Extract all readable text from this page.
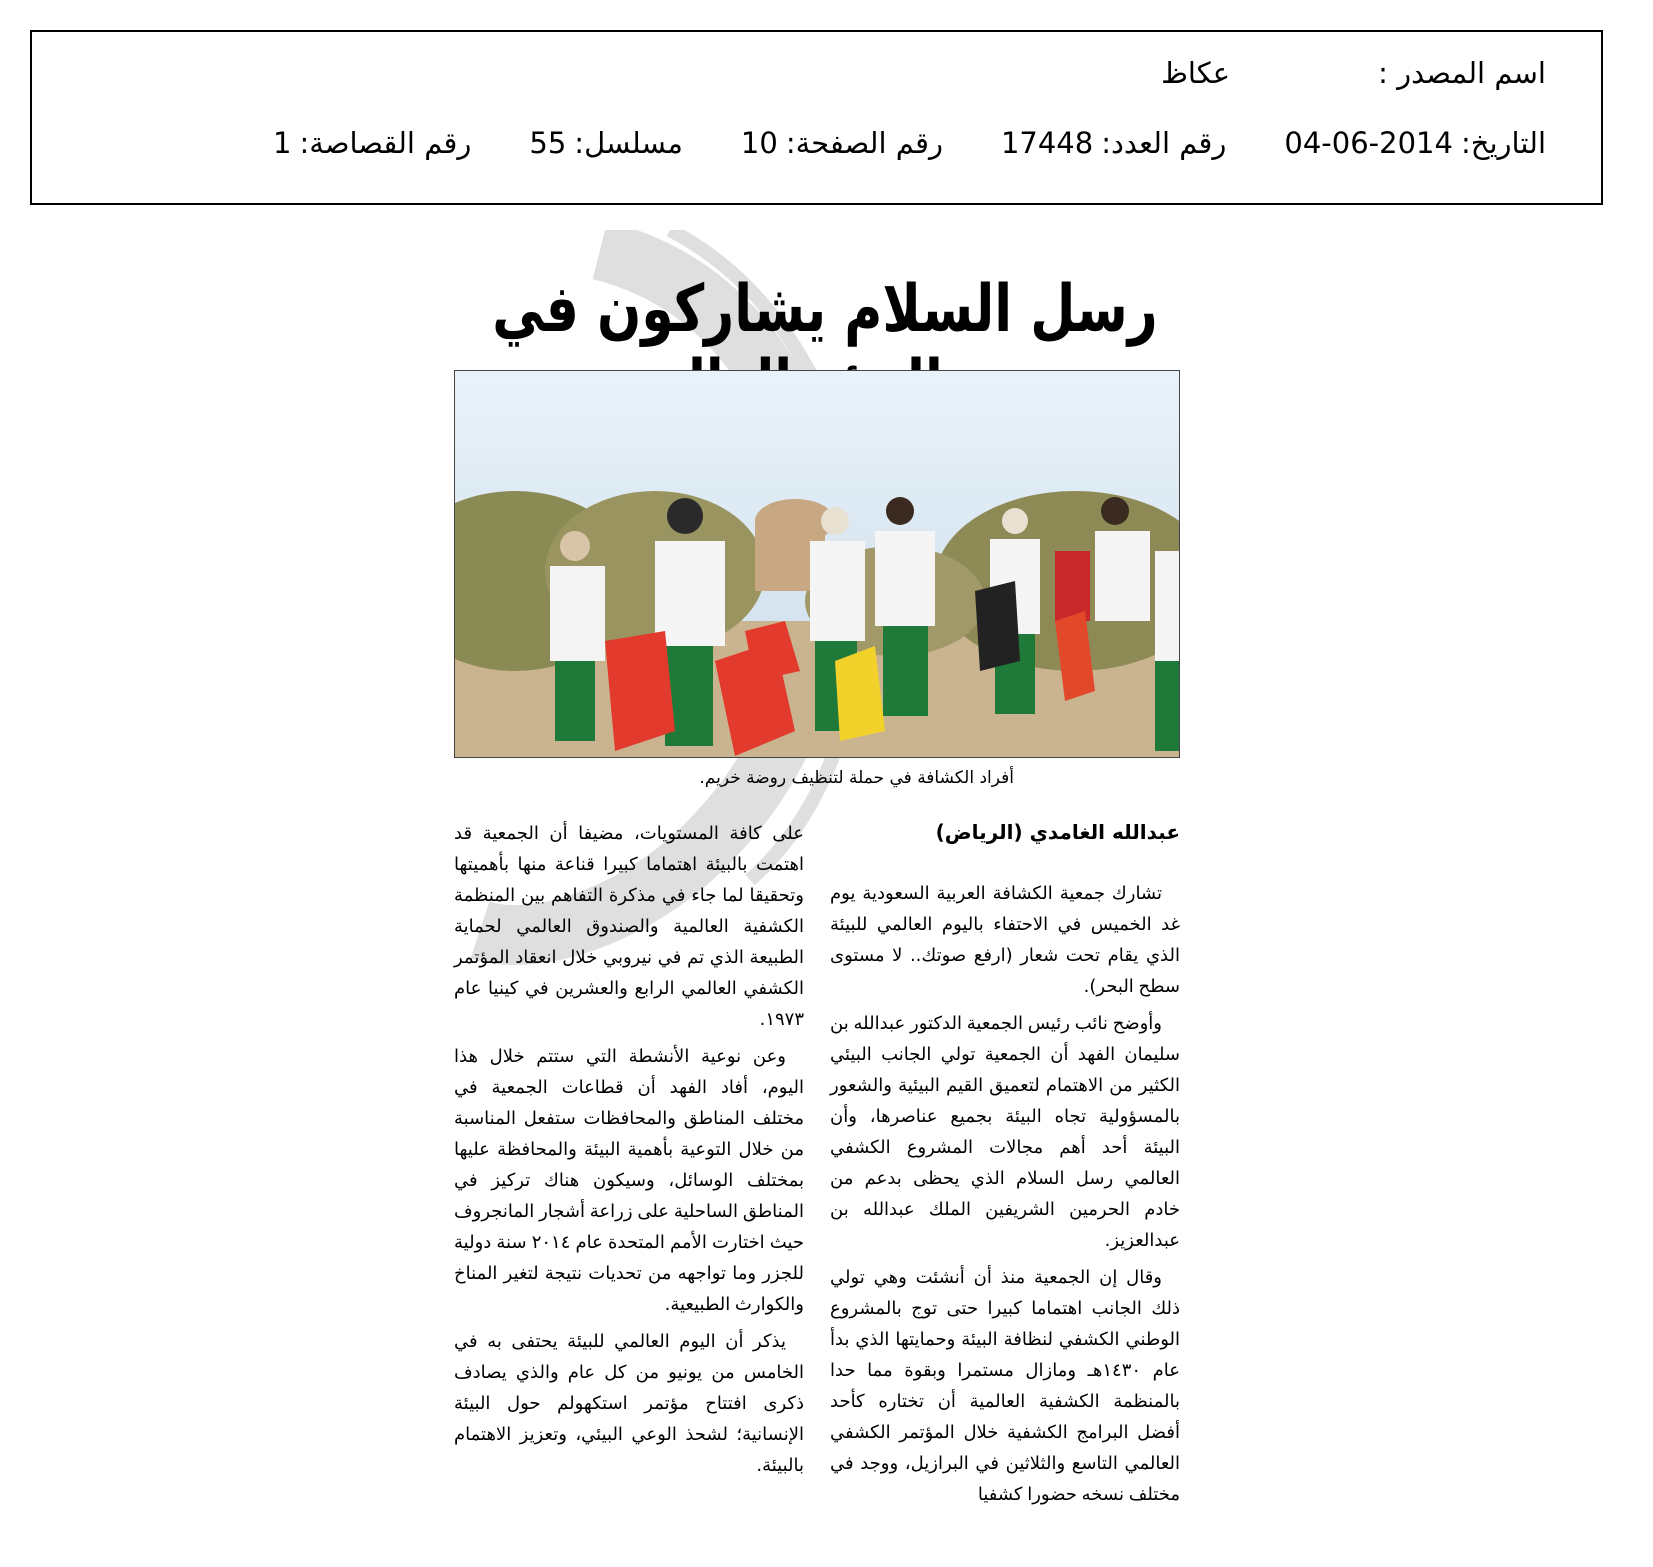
اسم المصدر :
عكاظ
التاريخ:
04-06-2014
رقم العدد:
17448
رقم الصفحة:
10
مسلسل:
55
رقم القصاصة:
1
رسل السلام يشاركون في
أفراد الكشافة في حملة لتنظيف روضة خريم.
عبدالله الغامدي (الرياض)

تشارك جمعية الكشافة العربية السعودية يوم غد الخميس في الاحتفاء باليوم العالمي للبيئة الذي يقام تحت شعار (ارفع صوتك.. لا مستوى سطح البحر).

وأوضح نائب رئيس الجمعية الدكتور عبدالله بن سليمان الفهد أن الجمعية تولي الجانب البيئي الكثير من الاهتمام لتعميق القيم البيئية والشعور بالمسؤولية تجاه البيئة بجميع عناصرها، وأن البيئة أحد أهم مجالات المشروع الكشفي العالمي رسل السلام الذي يحظى بدعم من خادم الحرمين الشريفين الملك عبدالله بن عبدالعزيز.

وقال إن الجمعية منذ أن أنشئت وهي تولي ذلك الجانب اهتماما كبيرا حتى توج بالمشروع الوطني الكشفي لنظافة البيئة وحمايتها الذي بدأ عام ١٤٣٠هـ ومازال مستمرا وبقوة مما حدا بالمنظمة الكشفية العالمية أن تختاره كأحد أفضل البرامج الكشفية خلال المؤتمر الكشفي العالمي التاسع والثلاثين في البرازيل، ووجد في مختلف نسخه حضورا كشفيا

على كافة المستويات، مضيفا أن الجمعية قد اهتمت بالبيئة اهتماما كبيرا قناعة منها بأهميتها وتحقيقا لما جاء في مذكرة التفاهم بين المنظمة الكشفية العالمية والصندوق العالمي لحماية الطبيعة الذي تم في نيروبي خلال انعقاد المؤتمر الكشفي العالمي الرابع والعشرين في كينيا عام ١٩٧٣.

وعن نوعية الأنشطة التي ستتم خلال هذا اليوم، أفاد الفهد أن قطاعات الجمعية في مختلف المناطق والمحافظات ستفعل المناسبة من خلال التوعية بأهمية البيئة والمحافظة عليها بمختلف الوسائل، وسيكون هناك تركيز في المناطق الساحلية على زراعة أشجار المانجروف حيث اختارت الأمم المتحدة عام ٢٠١٤ سنة دولية للجزر وما تواجهه من تحديات نتيجة لتغير المناخ والكوارث الطبيعية.

يذكر أن اليوم العالمي للبيئة يحتفى به في الخامس من يونيو من كل عام والذي يصادف ذكرى افتتاح مؤتمر استكهولم حول البيئة الإنسانية؛ لشحذ الوعي البيئي، وتعزيز الاهتمام بالبيئة.
